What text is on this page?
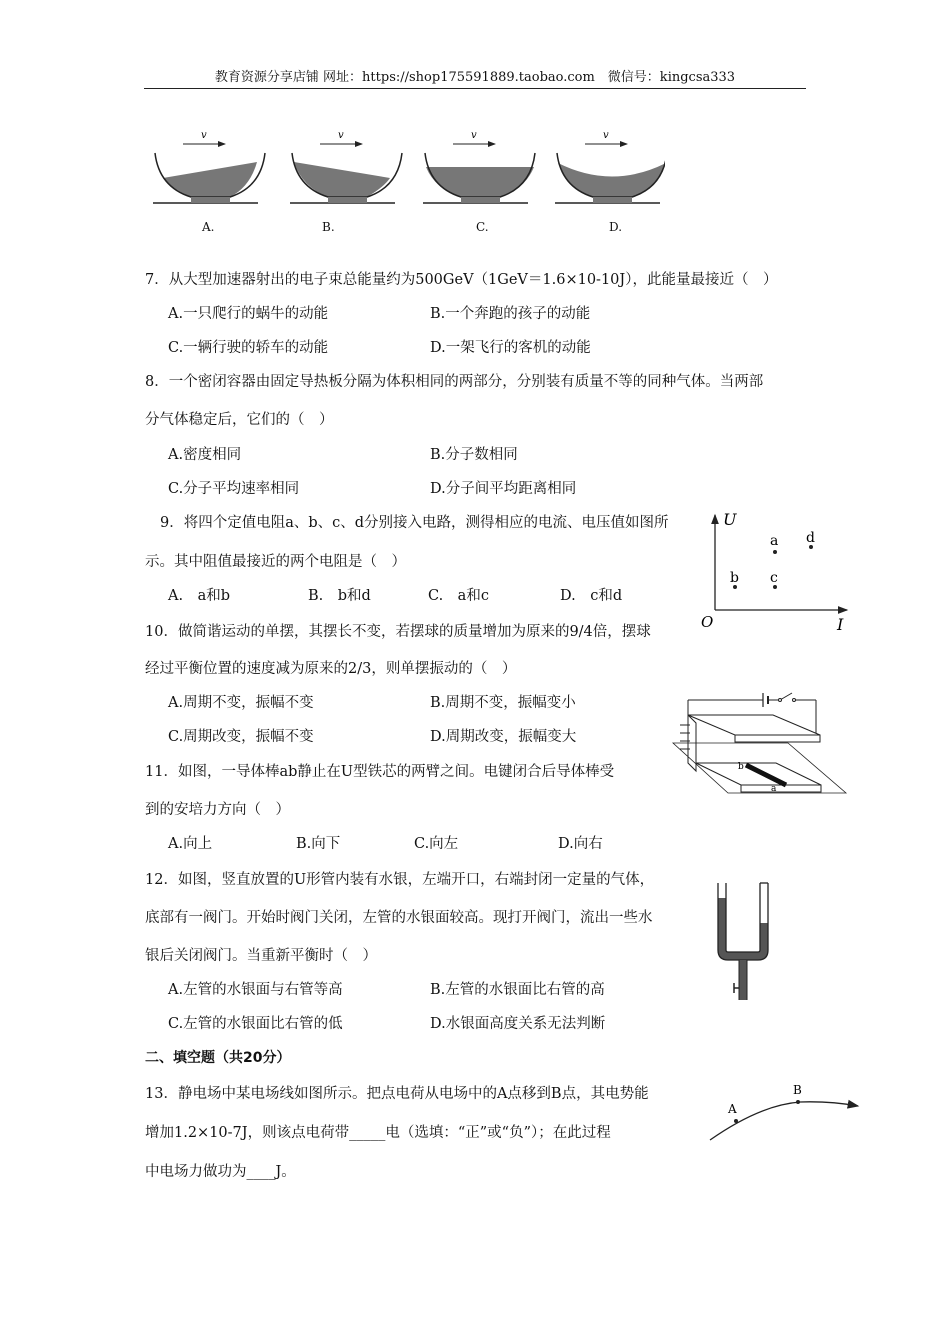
教育资源分享店铺 网址：https://shop175591889.taobao.com　微信号：kingcsa333
v	v	v	v
A.	B.	C.	D.
7．从大型加速器射出的电子束总能量约为500GeV（1GeV＝1.6×10-10J），此能量最接近（　）
A.一只爬行的蜗牛的动能	B.一个奔跑的孩子的动能
C.一辆行驶的轿车的动能	D.一架飞行的客机的动能
8．一个密闭容器由固定导热板分隔为体积相同的两部分，分别装有质量不等的同种气体。当两部
分气体稳定后，它们的（　）
A.密度相同	B.分子数相同
C.分子平均速率相同	D.分子间平均距离相同
9．将四个定值电阻a、b、c、d分别接入电路，测得相应的电流、电压值如图所
示。其中阻值最接近的两个电阻是（　）
A.　a和b	B.　b和d	C.　a和c	D.　c和d
U
I
O
a
b c
d
10．做简谐运动的单摆，其摆长不变，若摆球的质量增加为原来的9/4倍，摆球
经过平衡位置的速度减为原来的2/3，则单摆振动的（　）
A.周期不变，振幅不变	B.周期不变，振幅变小
C.周期改变，振幅不变	D.周期改变，振幅变大
b
a
11．如图，一导体棒ab静止在U型铁芯的两臂之间。电键闭合后导体棒受
到的安培力方向（　）
A.向上	B.向下	C.向左	D.向右
12．如图，竖直放置的U形管内装有水银，左端开口，右端封闭一定量的气体，
底部有一阀门。开始时阀门关闭，左管的水银面较高。现打开阀门，流出一些水
银后关闭阀门。当重新平衡时（　）
A.左管的水银面与右管等高	B.左管的水银面比右管的高
C.左管的水银面比右管的低	D.水银面高度关系无法判断
二、填空题（共20分）
13．静电场中某电场线如图所示。把点电荷从电场中的A点移到B点，其电势能
增加1.2×10-7J，则该点电荷带_____电（选填：“正”或“负”）；在此过程
中电场力做功为____J。
A
B
